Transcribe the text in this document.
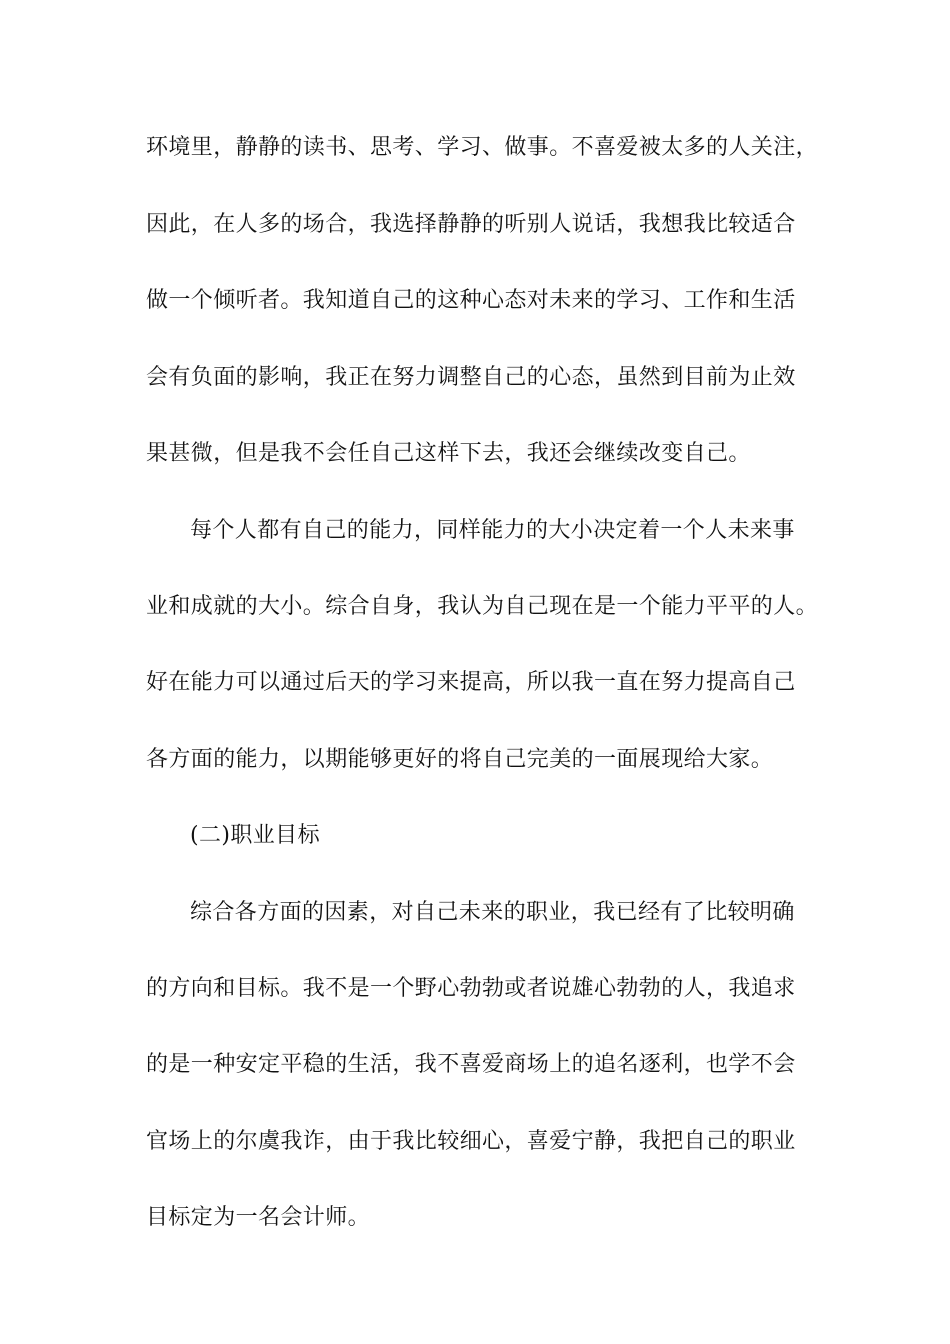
环境里，静静的读书、思考、学习、做事。不喜爱被太多的人关注，
因此，在人多的场合，我选择静静的听别人说话，我想我比较适合
做一个倾听者。我知道自己的这种心态对未来的学习、工作和生活
会有负面的影响，我正在努力调整自己的心态，虽然到目前为止效
果甚微，但是我不会任自己这样下去，我还会继续改变自己。
每个人都有自己的能力，同样能力的大小决定着一个人未来事
业和成就的大小。综合自身，我认为自己现在是一个能力平平的人。
好在能力可以通过后天的学习来提高，所以我一直在努力提高自己
各方面的能力，以期能够更好的将自己完美的一面展现给大家。
(二)职业目标
综合各方面的因素，对自己未来的职业，我已经有了比较明确
的方向和目标。我不是一个野心勃勃或者说雄心勃勃的人，我追求
的是一种安定平稳的生活，我不喜爱商场上的追名逐利，也学不会
官场上的尔虞我诈，由于我比较细心，喜爱宁静，我把自己的职业
目标定为一名会计师。
